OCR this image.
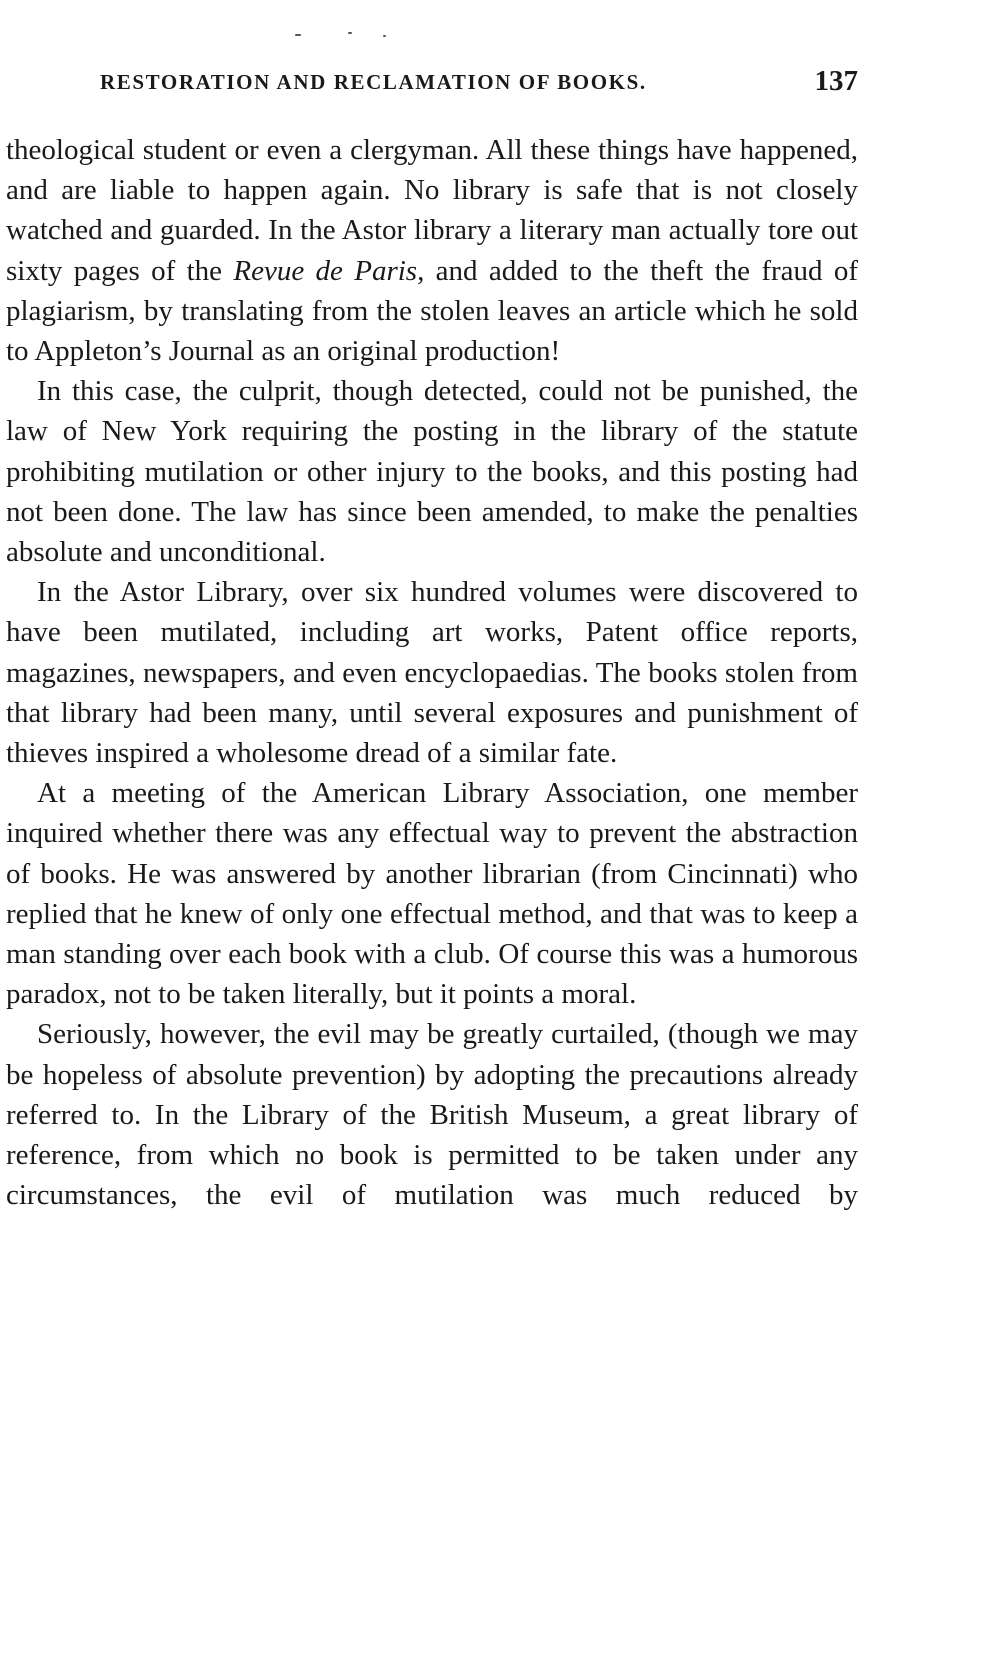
RESTORATION AND RECLAMATION OF BOOKS.	137

theological student or even a clergyman. All these things have happened, and are liable to happen again. No library is safe that is not closely watched and guarded. In the Astor library a literary man actually tore out sixty pages of the Revue de Paris, and added to the theft the fraud of plagiarism, by translating from the stolen leaves an article which he sold to Appleton’s Journal as an original production!

In this case, the culprit, though detected, could not be punished, the law of New York requiring the posting in the library of the statute prohibiting mutilation or other injury to the books, and this posting had not been done. The law has since been amended, to make the penalties absolute and unconditional.

In the Astor Library, over six hundred volumes were discovered to have been mutilated, including art works, Patent office reports, magazines, newspapers, and even encyclopaedias. The books stolen from that library had been many, until several exposures and punishment of thieves inspired a wholesome dread of a similar fate.

At a meeting of the American Library Association, one member inquired whether there was any effectual way to prevent the abstraction of books. He was answered by another librarian (from Cincinnati) who replied that he knew of only one effectual method, and that was to keep a man standing over each book with a club. Of course this was a humorous paradox, not to be taken literally, but it points a moral.

Seriously, however, the evil may be greatly curtailed, (though we may be hopeless of absolute prevention) by adopting the precautions already referred to. In the Library of the British Museum, a great library of reference, from which no book is permitted to be taken under any circumstances, the evil of mutilation was much reduced by
